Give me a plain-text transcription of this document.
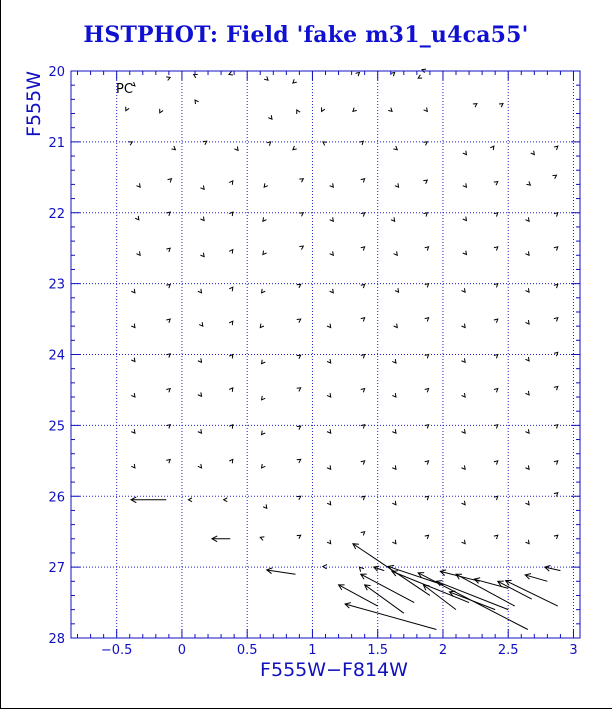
HSTPHOT: Field 'fake m31_u4ca55'
−0.5	0	0.5	1	1.5	2	2.5	3
20
21
22
23
24
25
26
27
28
PC
F555W−F814W
F555W
